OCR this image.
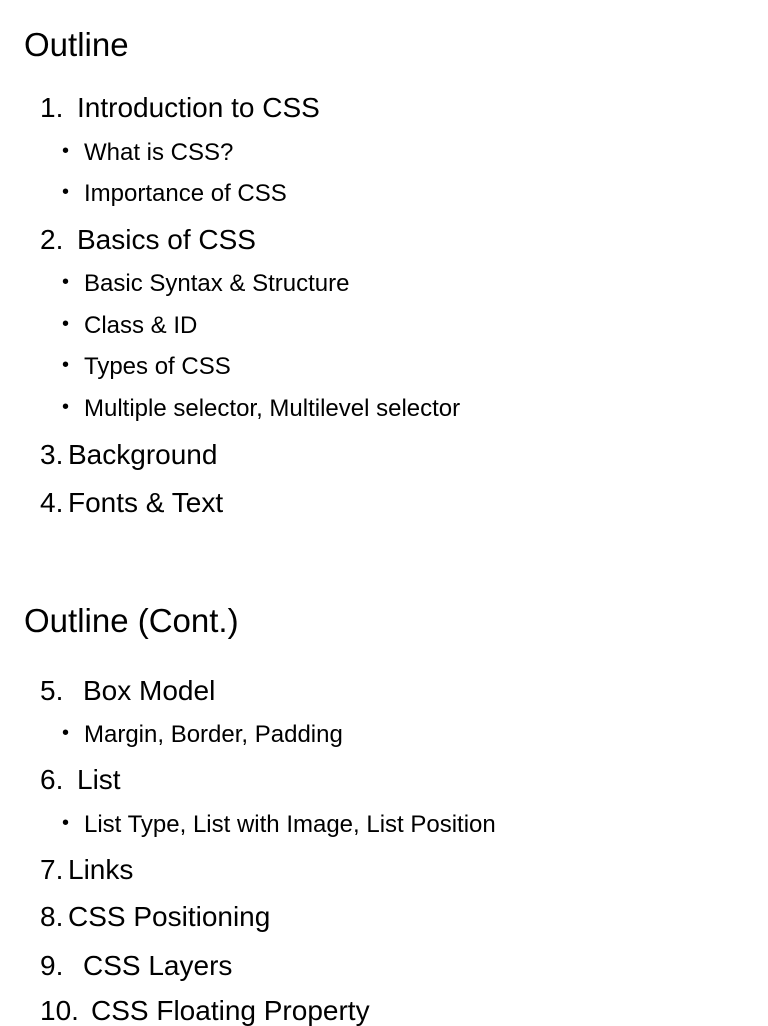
Outline
1. Introduction to CSS
• What is CSS?
• Importance of CSS
2. Basics of CSS
• Basic Syntax & Structure
• Class & ID
• Types of CSS
• Multiple selector, Multilevel selector
3. Background
4. Fonts & Text
Outline (Cont.)
5. Box Model
• Margin, Border, Padding
6. List
• List Type, List with Image, List Position
7. Links
8. CSS Positioning
9. CSS Layers
10. CSS Floating Property
